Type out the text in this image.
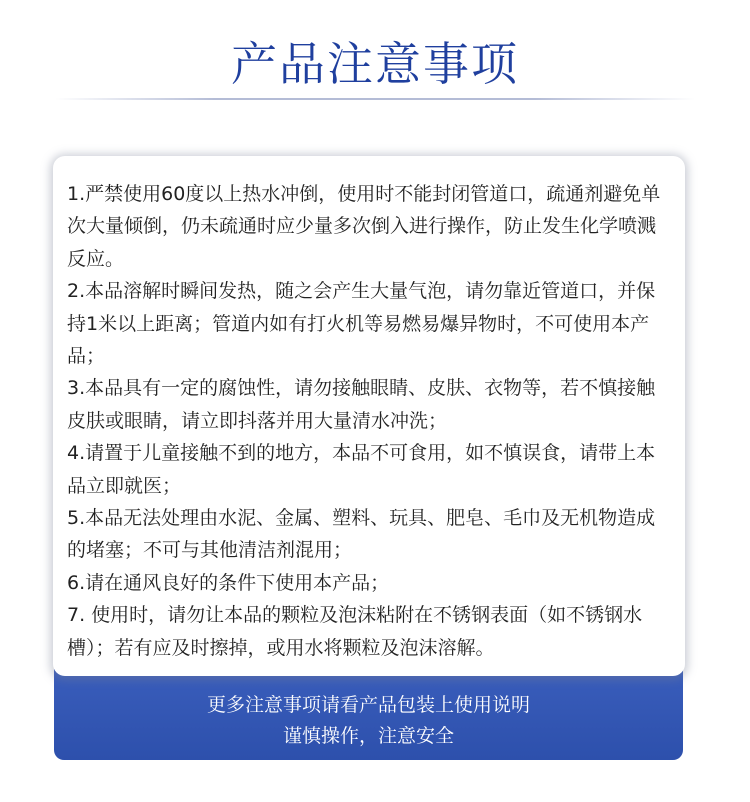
产品注意事项
1.严禁使用60度以上热水冲倒，使用时不能封闭管道口，疏通剂避免单次大量倾倒，仍未疏通时应少量多次倒入进行操作，防止发生化学喷溅反应。
2.本品溶解时瞬间发热，随之会产生大量气泡，请勿靠近管道口，并保持1米以上距离；管道内如有打火机等易燃易爆异物时，不可使用本产品；
3.本品具有一定的腐蚀性，请勿接触眼睛、皮肤、衣物等，若不慎接触皮肤或眼睛，请立即抖落并用大量清水冲洗；
4.请置于儿童接触不到的地方，本品不可食用，如不慎误食，请带上本品立即就医；
5.本品无法处理由水泥、金属、塑料、玩具、肥皂、毛巾及无机物造成的堵塞；不可与其他清洁剂混用；
6.请在通风良好的条件下使用本产品；
7. 使用时，请勿让本品的颗粒及泡沫粘附在不锈钢表面（如不锈钢水槽）；若有应及时擦掉，或用水将颗粒及泡沫溶解。
更多注意事项请看产品包装上使用说明
谨慎操作，注意安全
